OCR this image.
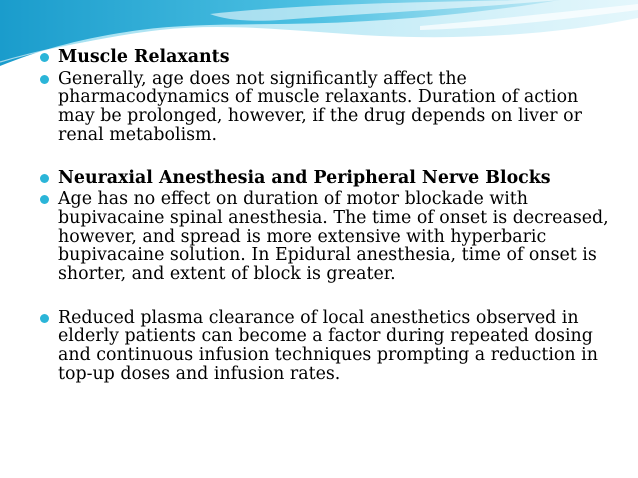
Muscle Relaxants
Generally, age does not significantly affect the pharmacodynamics of muscle relaxants. Duration of action may be prolonged, however, if the drug depends on liver or renal metabolism.
Neuraxial Anesthesia and Peripheral Nerve Blocks
Age has no effect on duration of motor blockade with bupivacaine spinal anesthesia. The time of onset is decreased, however, and spread is more extensive with hyperbaric bupivacaine solution. In Epidural anesthesia, time of onset is shorter, and extent of block is greater.
Reduced plasma clearance of local anesthetics observed in elderly patients can become a factor during repeated dosing and continuous infusion techniques prompting a reduction in top-up doses and infusion rates.
